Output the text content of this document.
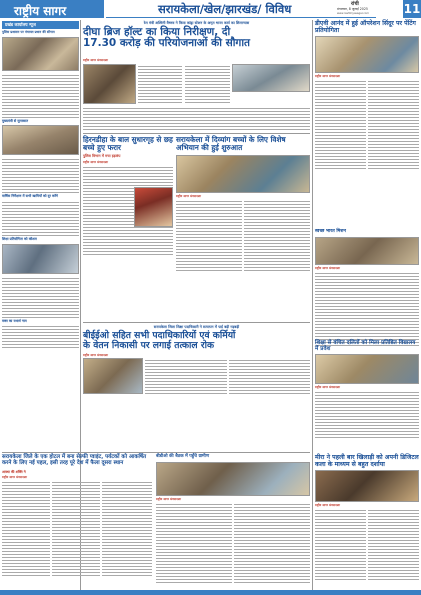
राष्ट्रीय सागर	सरायकेला/खेल/झारखंड/ विविध	रांची
मंगलवार, 8 जुलाई 2025
www.rashtriyasagar.com	11
प्रखंड कार्यालय न्यूज
पुलिस प्रशासन पर पंचायत प्रधान की सौगात
मुख्यमंत्री से मुलाकात
वार्षिक निरीक्षण में सभी खामियों को दूर करेंगे
शिक्षा प्रतियोगिता को कौशल
वक्त का यथार्थ नाम
रेल मंत्री अश्विनी वैष्णव ने किया कांड्रा स्टेशन के अमृत भारत कार्य का शिलान्यास
दीघा ब्रिज हॉल्ट का किया निरीक्षण, दी
17.30 करोड़ की परियोजनाओं की सौगात
राष्ट्रीय सागर संवाददाता
डीएवी आनंद में हुई ऑपरेशन सिंदूर पर पेंटिंग प्रतियोगिता
राष्ट्रीय सागर संवाददाता
हिरनडीहा के बाल सुधारगृह से छह बच्चे हुए फरार
पुलिस विभाग में मचा हड़कंप
राष्ट्रीय सागर संवाददाता
सरायकेला में दिव्यांग बच्चों के लिए विशेष अभियान की हुई शुरुआत
राष्ट्रीय सागर संवाददाता
स्वच्छ भारत मिशन
राष्ट्रीय सागर संवाददाता
सरायकेला जिला शिक्षा पदाधिकारी ने सत्यापन में पाई बड़ी गड़बड़ी
बीईईओ सहित सभी पदाधिकारियों एवं कर्मियों
के वेतन निकासी पर लगाई तत्काल रोक
राष्ट्रीय सागर संवाददाता
शिक्षा से वंचित दलितों को मिला प्रतिष्ठित विद्यालय में प्रवेश
राष्ट्रीय सागर संवाददाता
सरायकेला जिले के एक होटल में बना सेल्फी प्वाइंट, पर्यटकों को आकर्षित करने के लिए नई पहल, इसी तरह पूरे देश में फैला दूसरा स्थान
आस्था की शक्ति ने
राष्ट्रीय सागर संवाददाता
बीडीओ की बैठक में पहुँचे ग्रामीण
राष्ट्रीय सागर संवाददाता
मीरा ने पहली बार खिलाड़ी को अपनी डिजिटल कला के माध्यम से बहुत दर्शाया
राष्ट्रीय सागर संवाददाता
